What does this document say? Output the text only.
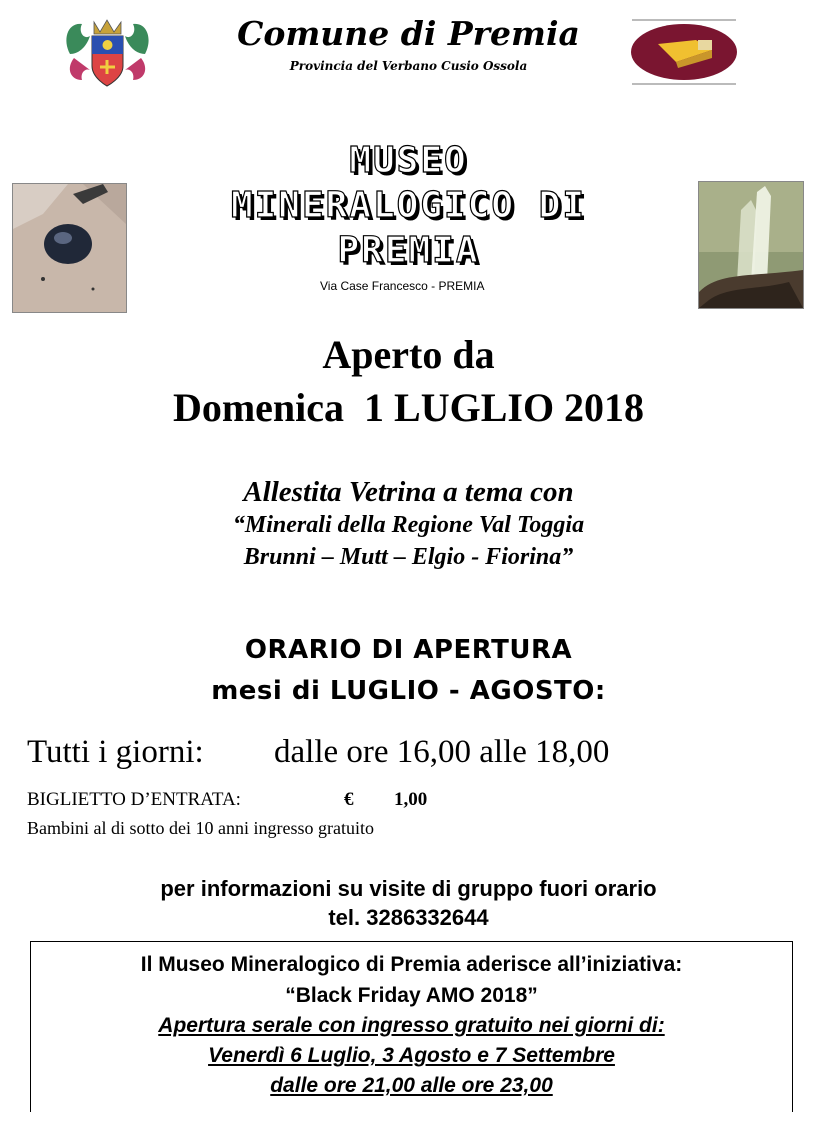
Comune di Premia
Provincia del Verbano Cusio Ossola
MUSEO
MINERALOGICO DI
PREMIA
Via Case Francesco - PREMIA
Aperto da
Domenica  1 LUGLIO 2018
Allestita Vetrina a tema con
“Minerali della Regione Val Toggia
Brunni – Mutt – Elgio - Fiorina”
ORARIO DI APERTURA
mesi di LUGLIO - AGOSTO:
Tutti i giorni: dalle ore 16,00 alle 18,00
BIGLIETTO D’ENTRATA:	€ 1,00
Bambini al di sotto dei 10 anni ingresso gratuito
per informazioni su visite di gruppo fuori orario
tel. 3286332644
Il Museo Mineralogico di Premia aderisce all’iniziativa:
“Black Friday AMO 2018”
Apertura serale con ingresso gratuito nei giorni di:
Venerdì 6 Luglio, 3 Agosto e 7 Settembre
dalle ore 21,00 alle ore 23,00
